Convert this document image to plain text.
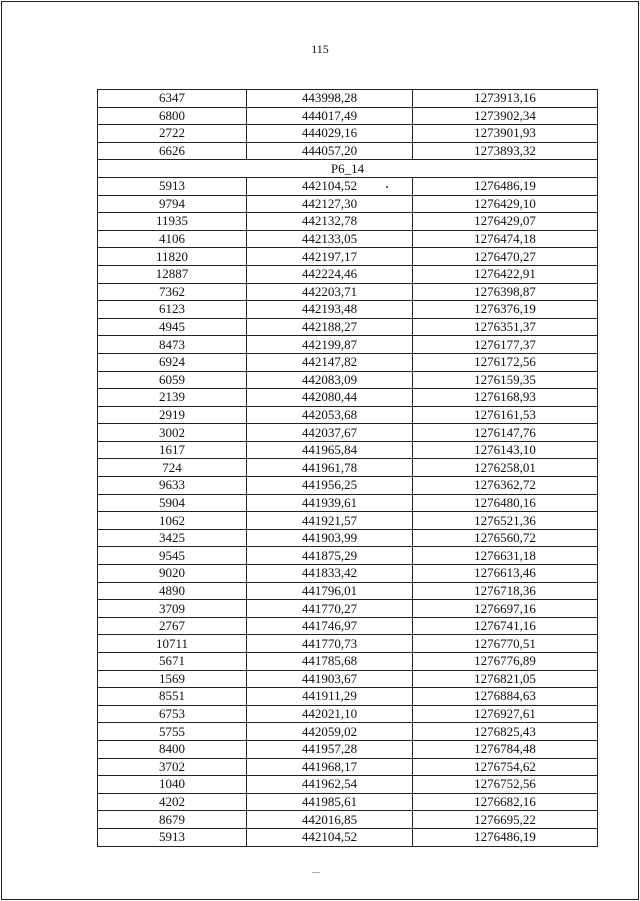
115
6347	443998,28	1273913,16
6800	444017,49	1273902,34
2722	444029,16	1273901,93
6626	444057,20	1273893,32
Р6_14		
5913	442104,52	1276486,19
9794	442127,30	1276429,10
11935	442132,78	1276429,07
4106	442133,05	1276474,18
11820	442197,17	1276470,27
12887	442224,46	1276422,91
7362	442203,71	1276398,87
6123	442193,48	1276376,19
4945	442188,27	1276351,37
8473	442199,87	1276177,37
6924	442147,82	1276172,56
6059	442083,09	1276159,35
2139	442080,44	1276168,93
2919	442053,68	1276161,53
3002	442037,67	1276147,76
1617	441965,84	1276143,10
724	441961,78	1276258,01
9633	441956,25	1276362,72
5904	441939,61	1276480,16
1062	441921,57	1276521,36
3425	441903,99	1276560,72
9545	441875,29	1276631,18
9020	441833,42	1276613,46
4890	441796,01	1276718,36
3709	441770,27	1276697,16
2767	441746,97	1276741,16
10711	441770,73	1276770,51
5671	441785,68	1276776,89
1569	441903,67	1276821,05
8551	441911,29	1276884,63
6753	442021,10	1276927,61
5755	442059,02	1276825,43
8400	441957,28	1276784,48
3702	441968,17	1276754,62
1040	441962,54	1276752,56
4202	441985,61	1276682,16
8679	442016,85	1276695,22
5913	442104,52	1276486,19
